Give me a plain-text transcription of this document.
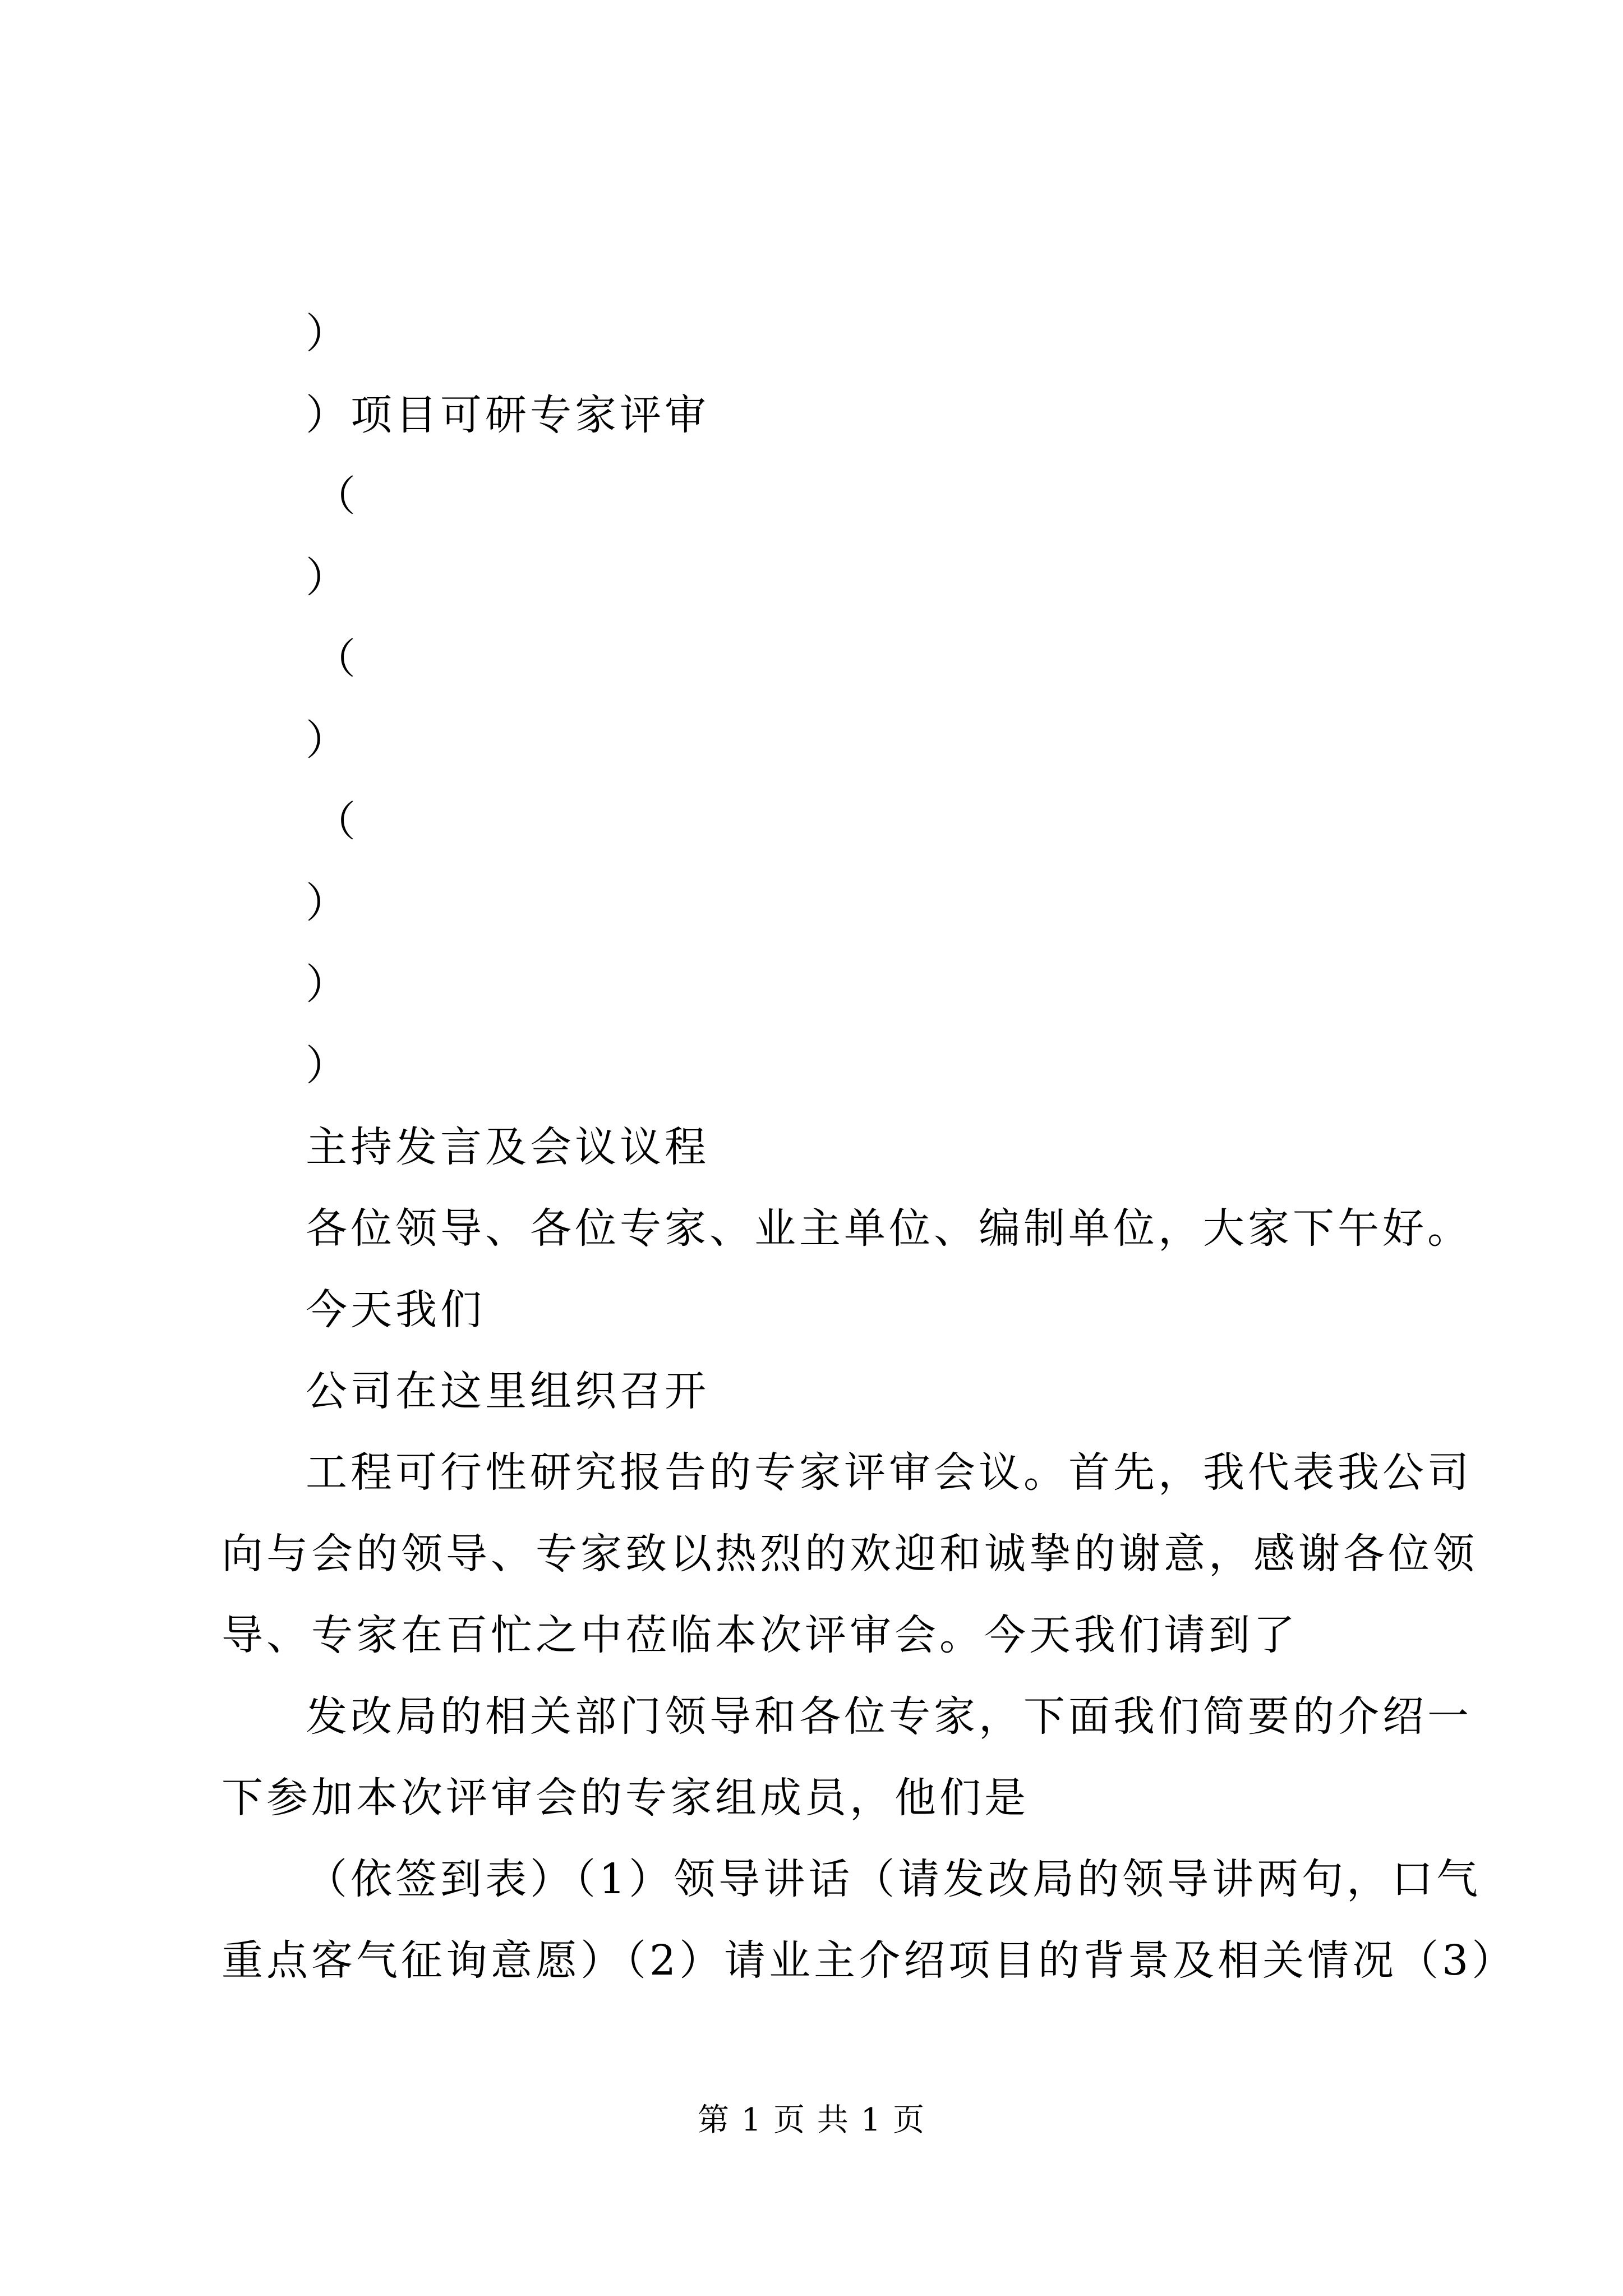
）
）项目可研专家评审
（
）
（
）
（
）
）
）
主持发言及会议议程
各位领导、各位专家、业主单位、编制单位，大家下午好。
今天我们
公司在这里组织召开
工程可行性研究报告的专家评审会议。首先，我代表我公司
向与会的领导、专家致以热烈的欢迎和诚挚的谢意，感谢各位领
导、专家在百忙之中莅临本次评审会。今天我们请到了
发改局的相关部门领导和各位专家，下面我们简要的介绍一
下参加本次评审会的专家组成员，他们是
（依签到表）（1）领导讲话（请发改局的领导讲两句，口气
重点客气征询意愿）（2）请业主介绍项目的背景及相关情况（3）
第 1 页 共 1 页
